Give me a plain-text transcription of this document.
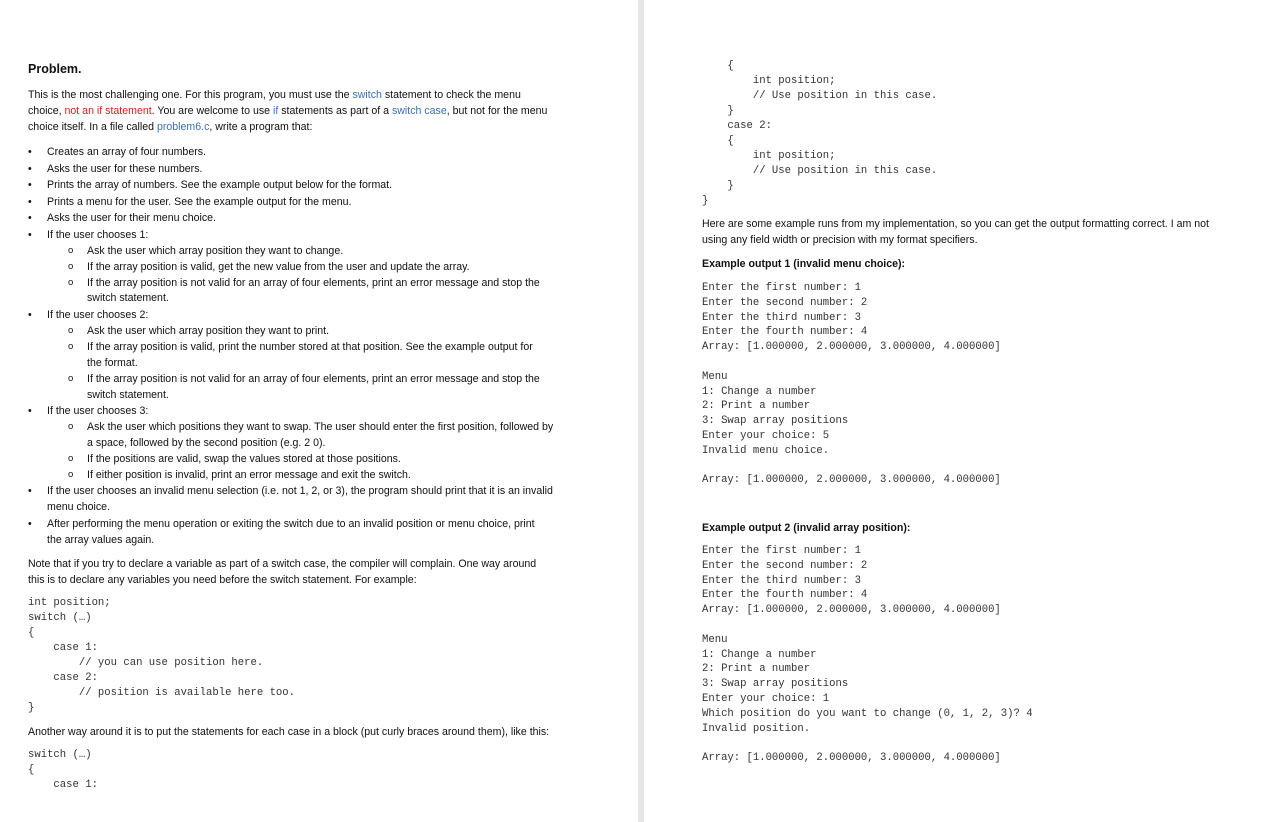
Problem.
This is the most challenging one. For this program, you must use the switch statement to check the menu
choice, not an if statement. You are welcome to use if statements as part of a switch case, but not for the menu
choice itself. In a file called problem6.c, write a program that:
• Creates an array of four numbers.
• Asks the user for these numbers.
• Prints the array of numbers. See the example output below for the format.
• Prints a menu for the user. See the example output for the menu.
• Asks the user for their menu choice.
• If the user chooses 1:
o Ask the user which array position they want to change.
o If the array position is valid, get the new value from the user and update the array.
o If the array position is not valid for an array of four elements, print an error message and stop the
switch statement.
• If the user chooses 2:
o Ask the user which array position they want to print.
o If the array position is valid, print the number stored at that position. See the example output for
the format.
o If the array position is not valid for an array of four elements, print an error message and stop the
switch statement.
• If the user chooses 3:
o Ask the user which positions they want to swap. The user should enter the first position, followed by
a space, followed by the second position (e.g. 2 0).
o If the positions are valid, swap the values stored at those positions.
o If either position is invalid, print an error message and exit the switch.
• If the user chooses an invalid menu selection (i.e. not 1, 2, or 3), the program should print that it is an invalid
menu choice.
• After performing the menu operation or exiting the switch due to an invalid position or menu choice, print
the array values again.
Note that if you try to declare a variable as part of a switch case, the compiler will complain. One way around
this is to declare any variables you need before the switch statement. For example:
int position;
switch (…)
{
case 1:
// you can use position here.
case 2:
// position is available here too.
}
Another way around it is to put the statements for each case in a block (put curly braces around them), like this:
switch (…)
{
case 1:
{
int position;
// Use position in this case.
}
case 2:
{
int position;
// Use position in this case.
}
}
Here are some example runs from my implementation, so you can get the output formatting correct. I am not
using any field width or precision with my format specifiers.
Example output 1 (invalid menu choice):
Enter the first number: 1
Enter the second number: 2
Enter the third number: 3
Enter the fourth number: 4
Array: [1.000000, 2.000000, 3.000000, 4.000000]

Menu
1: Change a number
2: Print a number
3: Swap array positions
Enter your choice: 5
Invalid menu choice.

Array: [1.000000, 2.000000, 3.000000, 4.000000]
Example output 2 (invalid array position):
Enter the first number: 1
Enter the second number: 2
Enter the third number: 3
Enter the fourth number: 4
Array: [1.000000, 2.000000, 3.000000, 4.000000]

Menu
1: Change a number
2: Print a number
3: Swap array positions
Enter your choice: 1
Which position do you want to change (0, 1, 2, 3)? 4
Invalid position.

Array: [1.000000, 2.000000, 3.000000, 4.000000]
